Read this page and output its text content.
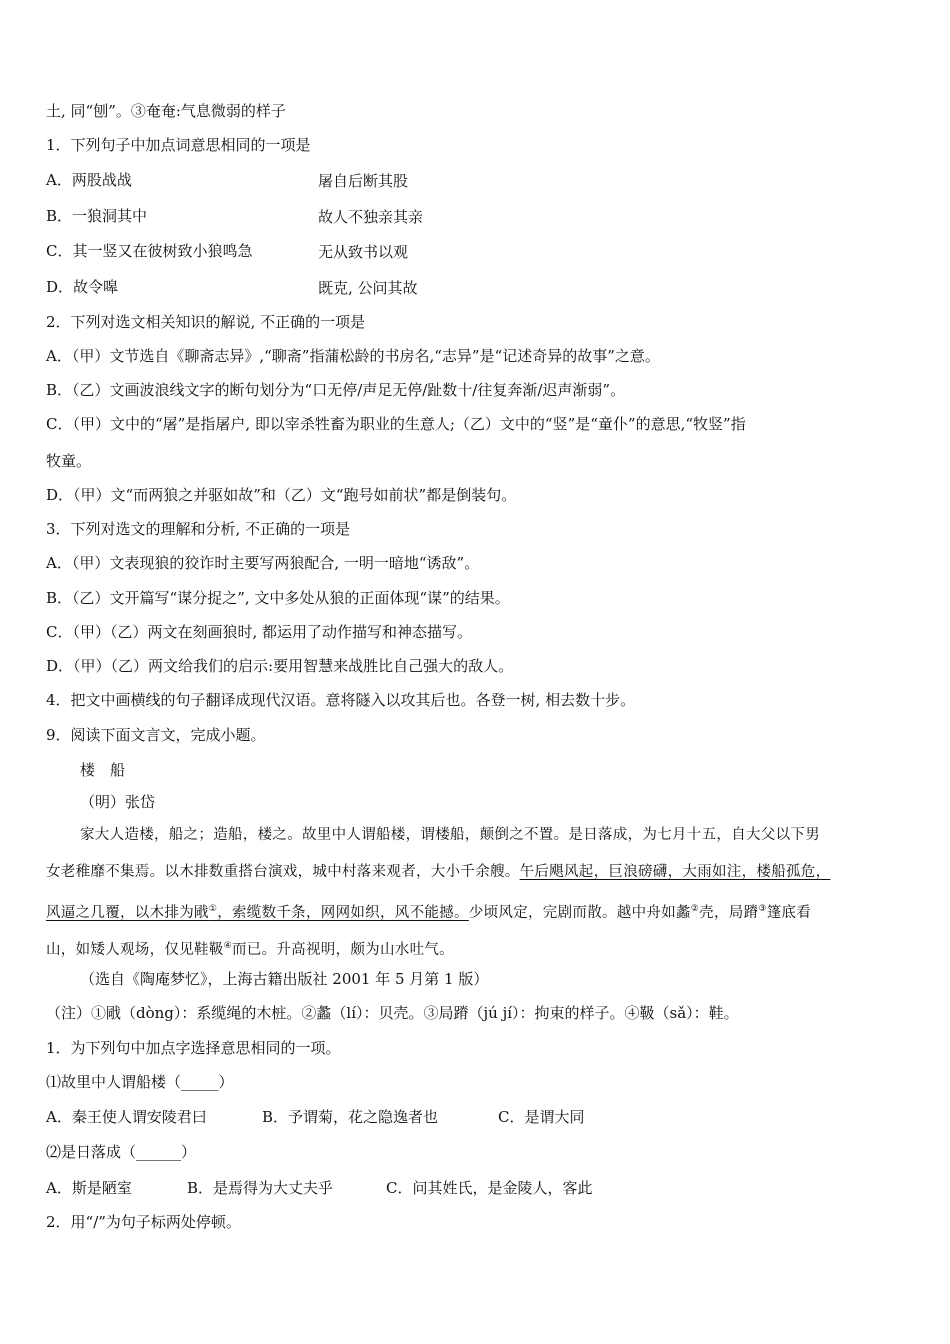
土, 同“刨”。③奄奄:气息微弱的样子
1．下列句子中加点词意思相同的一项是
A．两股战战	屠自后断其股
B．一狼洞其中	故人不独亲其亲
C．其一竖又在彼树致小狼鸣急	无从致书以观
D．故令嗥	既克, 公问其故
2．下列对选文相关知识的解说, 不正确的一项是
A．（甲）文节选自《聊斋志异》,“聊斋”指蒲松龄的书房名,“志异”是“记述奇异的故事”之意。
B．（乙）文画波浪线文字的断句划分为“口无停/声足无停/趾数十/往复奔渐/迟声渐弱”。
C．（甲）文中的“屠”是指屠户, 即以宰杀牲畜为职业的生意人;（乙）文中的“竖”是“童仆”的意思,“牧竖”指
牧童。
D．（甲）文“而两狼之并驱如故”和（乙）文“跑号如前状”都是倒装句。
3．下列对选文的理解和分析, 不正确的一项是
A．（甲）文表现狼的狡诈时主要写两狼配合, 一明一暗地“诱敌”。
B．（乙）文开篇写“谋分捉之”, 文中多处从狼的正面体现“谋”的结果。
C．（甲）（乙）两文在刻画狼时, 都运用了动作描写和神态描写。
D．（甲）（乙）两文给我们的启示:要用智慧来战胜比自己强大的敌人。
4．把文中画横线的句子翻译成现代汉语。意将隧入以攻其后也。各登一树, 相去数十步。
9．阅读下面文言文，完成小题。
楼　船
（明）张岱
家大人造楼，船之；造船，楼之。故里中人谓船楼，谓楼船，颠倒之不置。是日落成，为七月十五，自大父以下男
女老稚靡不集焉。以木排数重搭台演戏，城中村落来观者，大小千余艘。午后飓风起，巨浪磅礴，大雨如注，楼船孤危，
风逼之几覆，以木排为戙①，索缆数千条，网网如织，风不能撼。少顷风定，完剧而散。越中舟如蠡②壳，局蹐③篷底看
山，如矮人观场，仅见鞋靸④而已。升高视明，颇为山水吐气。
（选自《陶庵梦忆》，上海古籍出版社 2001 年 5 月第 1 版）
（注）①戙（dòng）：系缆绳的木桩。②蠡（lí）：贝壳。③局蹐（jú jí）：拘束的样子。④靸（sǎ）：鞋。
1．为下列句中加点字选择意思相同的一项。
⑴故里中人谓船楼（_____）
A．秦王使人谓安陵君曰	B．予谓菊，花之隐逸者也	C．是谓大同
⑵是日落成（______）
A．斯是陋室	B．是焉得为大丈夫乎	C．问其姓氏，是金陵人，客此
2．用“/”为句子标两处停顿。
